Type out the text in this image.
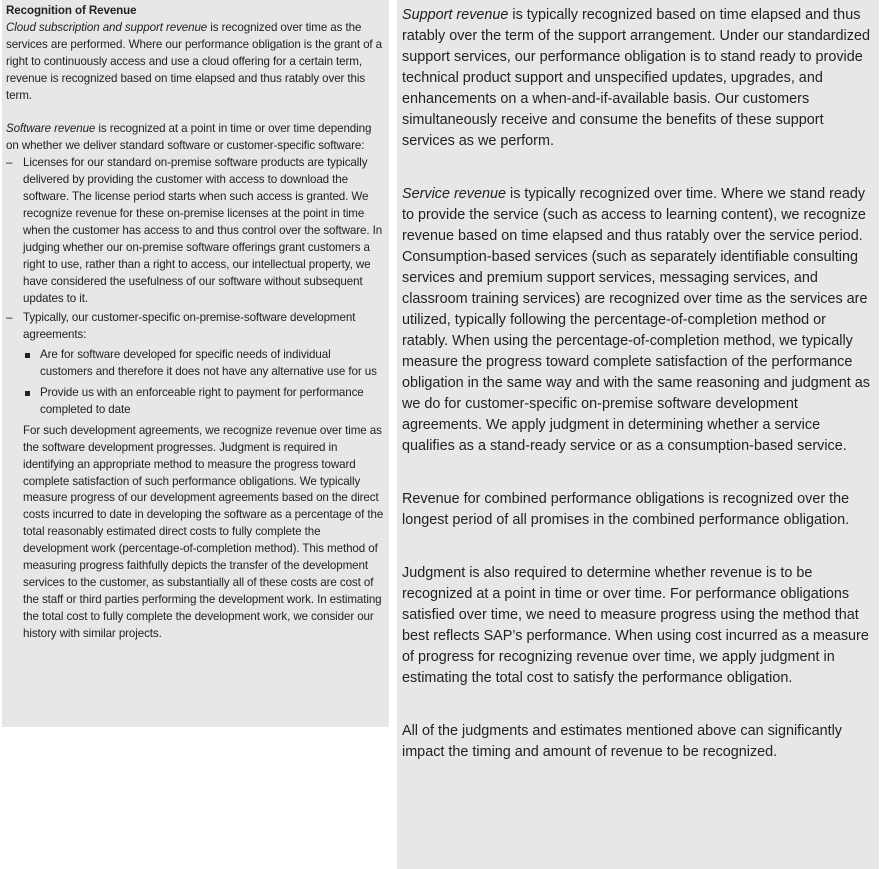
Recognition of Revenue

Cloud subscription and support revenue is recognized over time as the services are performed. Where our performance obligation is the grant of a right to continuously access and use a cloud offering for a certain term, revenue is recognized based on time elapsed and thus ratably over this term.

Software revenue is recognized at a point in time or over time depending on whether we deliver standard software or customer-specific software:

– Licenses for our standard on-premise software products are typically delivered by providing the customer with access to download the software. The license period starts when such access is granted. We recognize revenue for these on-premise licenses at the point in time when the customer has access to and thus control over the software. In judging whether our on-premise software offerings grant customers a right to use, rather than a right to access, our intellectual property, we have considered the usefulness of our software without subsequent updates to it.
– Typically, our customer-specific on-premise-software development agreements:
Are for software developed for specific needs of individual customers and therefore it does not have any alternative use for us
Provide us with an enforceable right to payment for performance completed to date

For such development agreements, we recognize revenue over time as the software development progresses. Judgment is required in identifying an appropriate method to measure the progress toward complete satisfaction of such performance obligations. We typically measure progress of our development agreements based on the direct costs incurred to date in developing the software as a percentage of the total reasonably estimated direct costs to fully complete the development work (percentage-of-completion method). This method of measuring progress faithfully depicts the transfer of the development services to the customer, as substantially all of these costs are cost of the staff or third parties performing the development work. In estimating the total cost to fully complete the development work, we consider our history with similar projects.

Support revenue is typically recognized based on time elapsed and thus ratably over the term of the support arrangement. Under our standardized support services, our performance obligation is to stand ready to provide technical product support and unspecified updates, upgrades, and enhancements on a when-and-if-available basis. Our customers simultaneously receive and consume the benefits of these support services as we perform.

Service revenue is typically recognized over time. Where we stand ready to provide the service (such as access to learning content), we recognize revenue based on time elapsed and thus ratably over the service period. Consumption-based services (such as separately identifiable consulting services and premium support services, messaging services, and classroom training services) are recognized over time as the services are utilized, typically following the percentage-of-completion method or ratably. When using the percentage-of-completion method, we typically measure the progress toward complete satisfaction of the performance obligation in the same way and with the same reasoning and judgment as we do for customer-specific on-premise software development agreements. We apply judgment in determining whether a service qualifies as a stand-ready service or as a consumption-based service.

Revenue for combined performance obligations is recognized over the longest period of all promises in the combined performance obligation.

Judgment is also required to determine whether revenue is to be recognized at a point in time or over time. For performance obligations satisfied over time, we need to measure progress using the method that best reflects SAP’s performance. When using cost incurred as a measure of progress for recognizing revenue over time, we apply judgment in estimating the total cost to satisfy the performance obligation.

All of the judgments and estimates mentioned above can significantly impact the timing and amount of revenue to be recognized.
